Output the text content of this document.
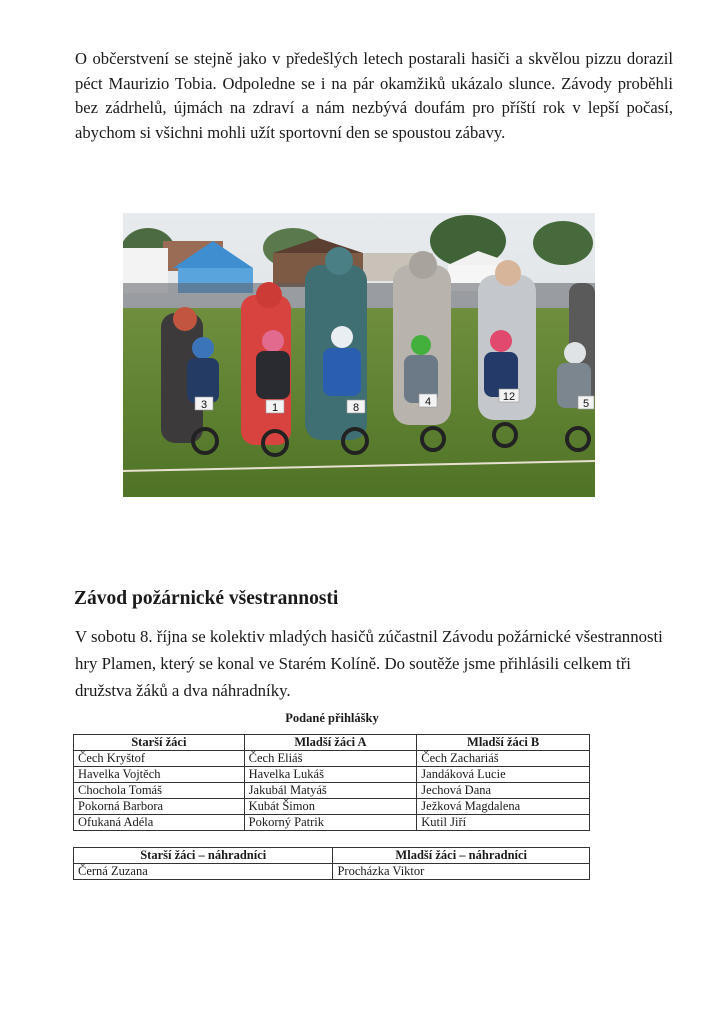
O občerstvení se stejně jako v předešlých letech postarali hasiči a skvělou pizzu dorazil péct Maurizio Tobia. Odpoledne se i na pár okamžiků ukázalo slunce. Závody proběhli bez zádrhelů, újmách na zdraví a nám nezbývá doufám pro příští rok v lepší počasí, abychom si všichni mohli užít sportovní den se spoustou zábavy.

3	1	8	4	12
5
Závod požárnické všestrannosti

V sobotu 8. října se kolektiv mladých hasičů zúčastnil Závodu požárnické všestrannosti hry Plamen, který se konal ve Starém Kolíně. Do soutěže jsme přihlásili celkem tři družstva žáků a dva náhradníky.

Podané přihlášky
Starší žáci	Mladší žáci A	Mladší žáci B
Čech Kryštof	Čech Eliáš	Čech Zachariáš
Havelka Vojtěch	Havelka Lukáš	Jandáková Lucie
Chochola Tomáš	Jakubál Matyáš	Jechová Dana
Pokorná Barbora	Kubát Šimon	Ježková Magdalena
Ofukaná Adéla	Pokorný Patrik	Kutil Jiří
Starší žáci – náhradníci	Mladší žáci – náhradníci
Černá Zuzana	Procházka Viktor
